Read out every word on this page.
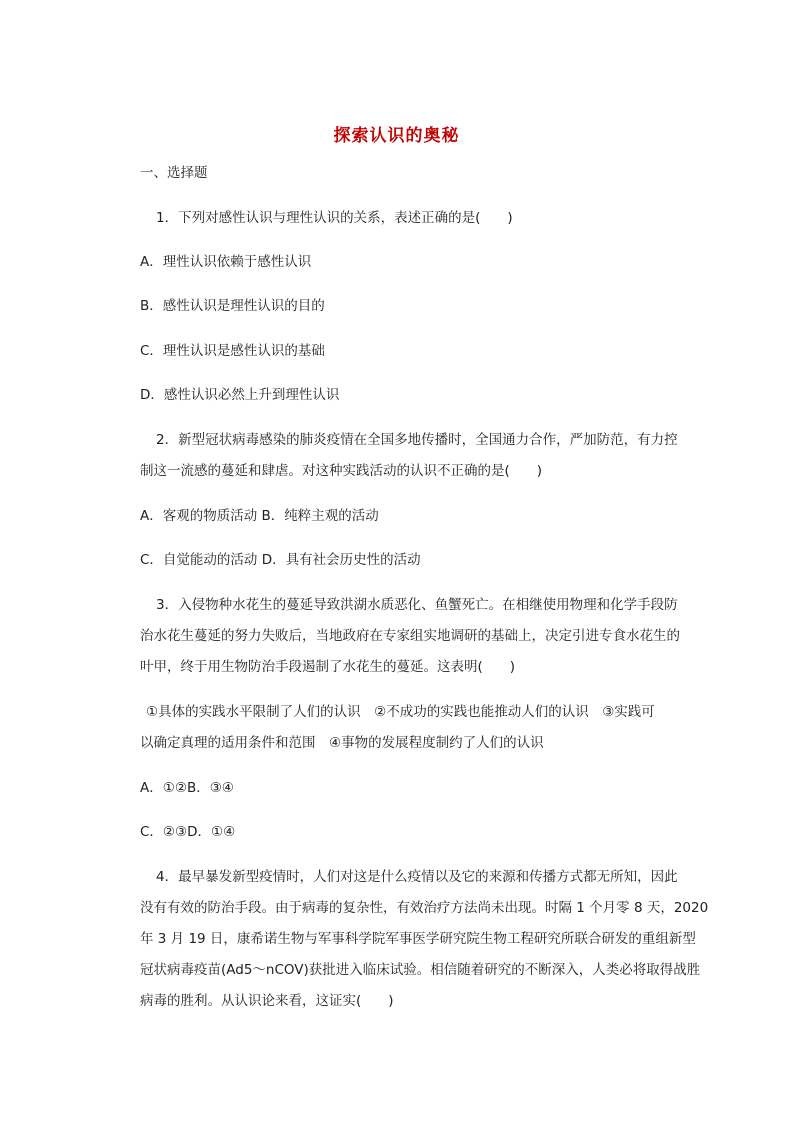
探索认识的奥秘
一、选择题
1．下列对感性认识与理性认识的关系，表述正确的是(　　)
A．理性认识依赖于感性认识
B．感性认识是理性认识的目的
C．理性认识是感性认识的基础
D．感性认识必然上升到理性认识
2．新型冠状病毒感染的肺炎疫情在全国多地传播时，全国通力合作，严加防范，有力控
制这一流感的蔓延和肆虐。对这种实践活动的认识不正确的是(　　)
A．客观的物质活动 B．纯粹主观的活动
C．自觉能动的活动 D．具有社会历史性的活动
3．入侵物种水花生的蔓延导致洪湖水质恶化、鱼蟹死亡。在相继使用物理和化学手段防
治水花生蔓延的努力失败后，当地政府在专家组实地调研的基础上，决定引进专食水花生的
叶甲，终于用生物防治手段遏制了水花生的蔓延。这表明(　　)
①具体的实践水平限制了人们的认识　②不成功的实践也能推动人们的认识　③实践可
以确定真理的适用条件和范围　④事物的发展程度制约了人们的认识
A．①②B．③④
C．②③D．①④
4．最早暴发新型疫情时，人们对这是什么疫情以及它的来源和传播方式都无所知，因此
没有有效的防治手段。由于病毒的复杂性，有效治疗方法尚未出现。时隔 1 个月零 8 天，2020
年 3 月 19 日，康希诺生物与军事科学院军事医学研究院生物工程研究所联合研发的重组新型
冠状病毒疫苗(Ad5～nCOV)获批进入临床试验。相信随着研究的不断深入，人类必将取得战胜
病毒的胜利。从认识论来看，这证实(　　)
